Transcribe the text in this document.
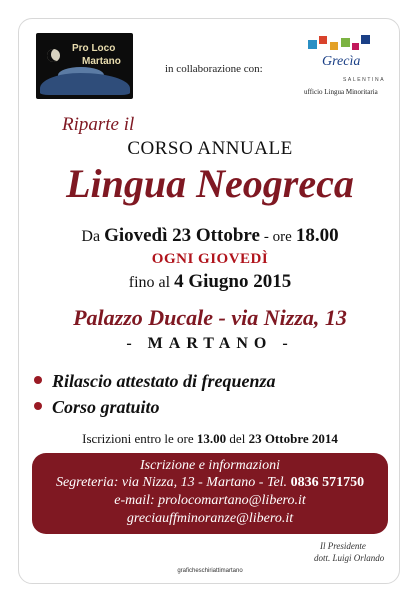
Pro Loco
Martano
in collaborazione con:	Grecìa
SALENTINA
ufficio Lingua Minoritaria
Riparte il
CORSO ANNUALE
Lingua Neogreca
Da Giovedì 23 Ottobre - ore 18.00
OGNI GIOVEDÌ
fino al 4 Giugno 2015
Palazzo Ducale - via Nizza, 13
- MARTANO -
Rilascio attestato di frequenza
Corso gratuito
Iscrizioni entro le ore 13.00 del 23 Ottobre 2014
Iscrizione e informazioni
Segreteria: via Nizza, 13 - Martano - Tel. 0836 571750
e-mail: prolocomartano@libero.it
greciauffminoranze@libero.it
Il Presidente
dott. Luigi Orlando
graficheschiriattimartano
